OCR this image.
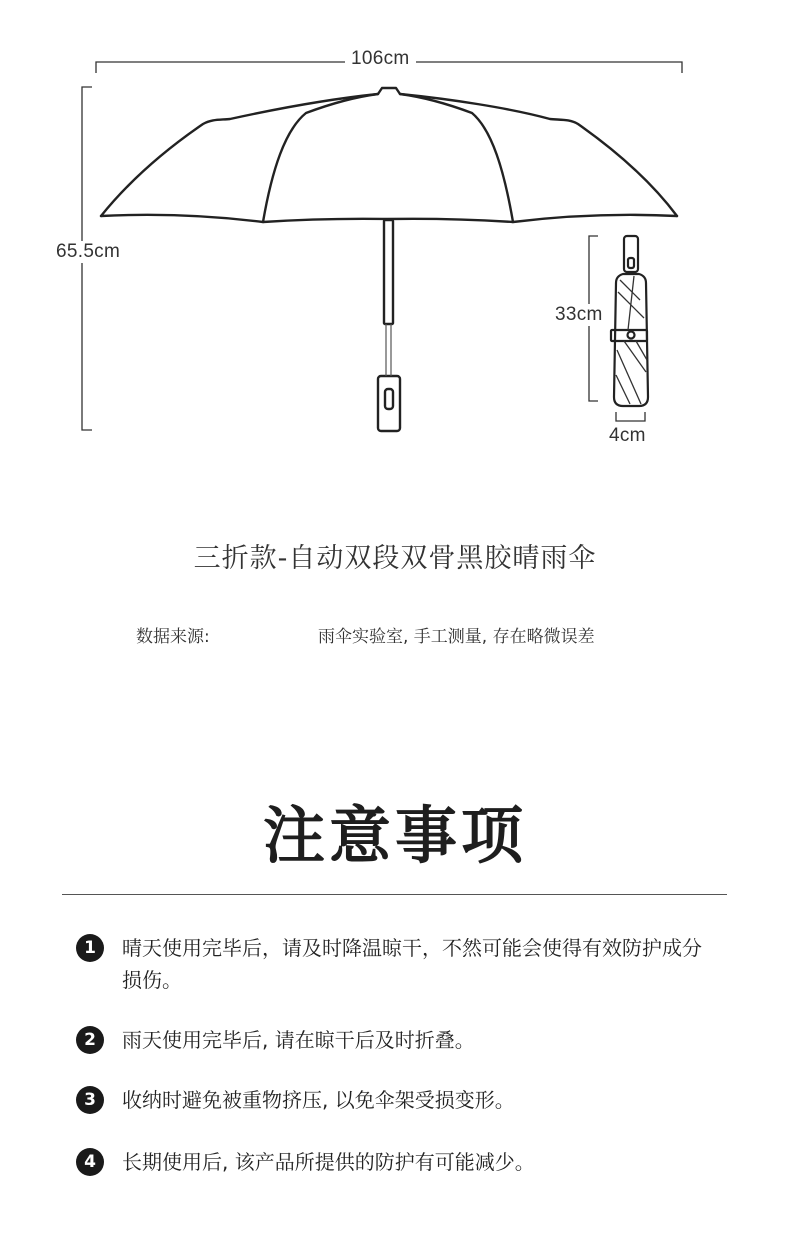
106cm
65.5cm
33cm
4cm
三折款-自动双段双骨黑胶晴雨伞
数据来源:	雨伞实验室, 手工测量, 存在略微误差
注意事项
1	晴天使用完毕后，请及时降温晾干，不然可能会使得有效防护成分损伤。
2	雨天使用完毕后, 请在晾干后及时折叠。
3	收纳时避免被重物挤压, 以免伞架受损变形。
4	长期使用后, 该产品所提供的防护有可能减少。
